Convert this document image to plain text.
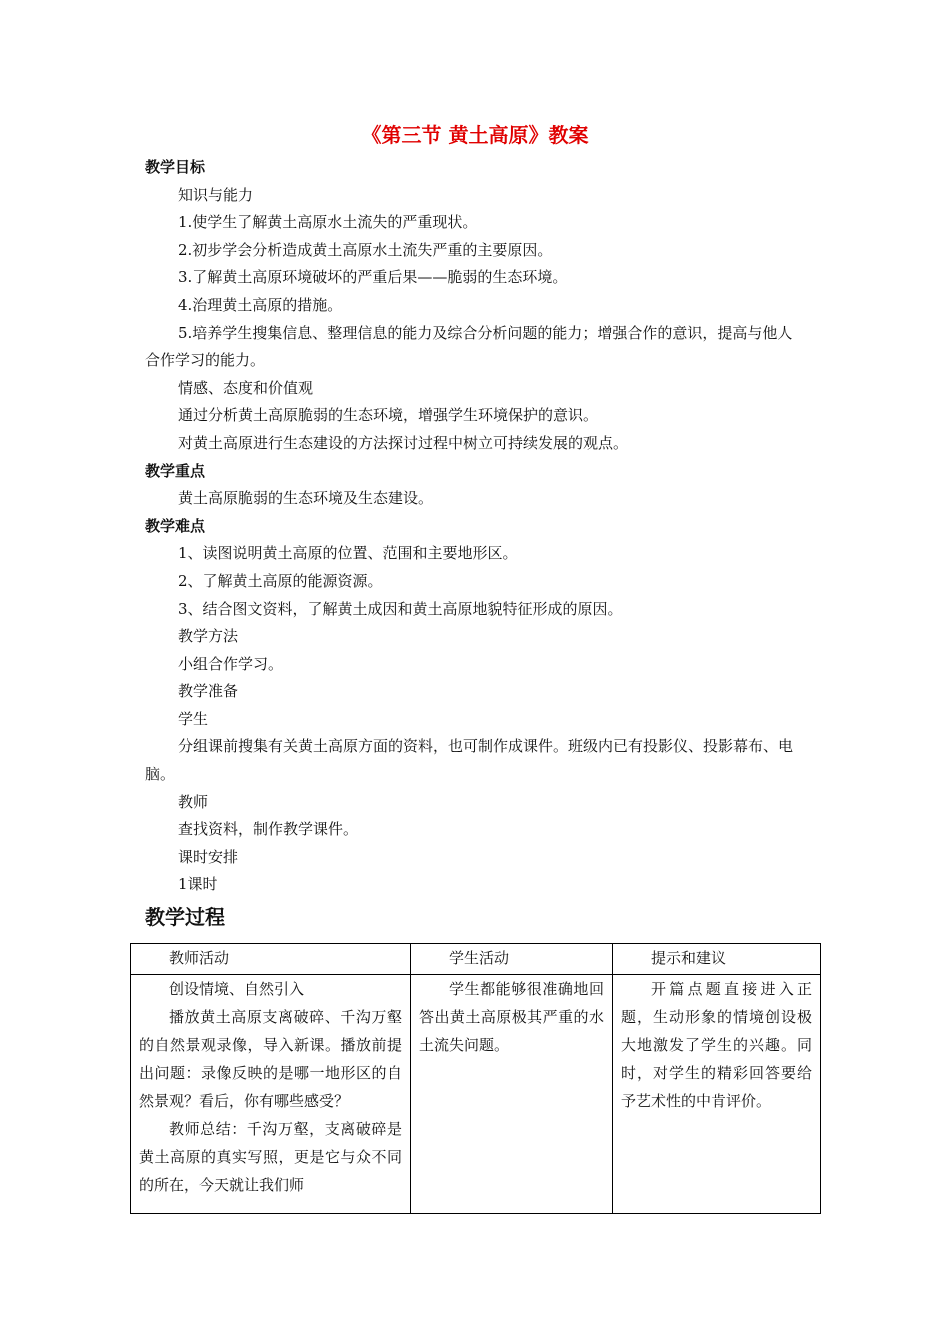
《第三节 黄土高原》教案
教学目标
知识与能力
1.使学生了解黄土高原水土流失的严重现状。
2.初步学会分析造成黄土高原水土流失严重的主要原因。
3.了解黄土高原环境破坏的严重后果——脆弱的生态环境。
4.治理黄土高原的措施。
5.培养学生搜集信息、整理信息的能力及综合分析问题的能力；增强合作的意识，提高与他人合作学习的能力。
情感、态度和价值观
通过分析黄土高原脆弱的生态环境，增强学生环境保护的意识。
对黄土高原进行生态建设的方法探讨过程中树立可持续发展的观点。
教学重点
黄土高原脆弱的生态环境及生态建设。
教学难点
1、读图说明黄土高原的位置、范围和主要地形区。
2、了解黄土高原的能源资源。
3、结合图文资料，了解黄土成因和黄土高原地貌特征形成的原因。
教学方法
小组合作学习。
教学准备
学生
分组课前搜集有关黄土高原方面的资料，也可制作成课件。班级内已有投影仪、投影幕布、电脑。
教师
查找资料，制作教学课件。
课时安排
1课时
教学过程
教师活动	学生活动	提示和建议

创设情境、自然引入
播放黄土高原支离破碎、千沟万壑的自然景观录像，导入新课。播放前提出问题：录像反映的是哪一地形区的自然景观？看后，你有哪些感受？
教师总结：千沟万壑，支离破碎是黄土高原的真实写照，更是它与众不同的所在，今天就让我们师	学生都能够很准确地回答出黄土高原极其严重的水土流失问题。	开篇点题直接进入正题，生动形象的情境创设极大地激发了学生的兴趣。同时，对学生的精彩回答要给予艺术性的中肯评价。
